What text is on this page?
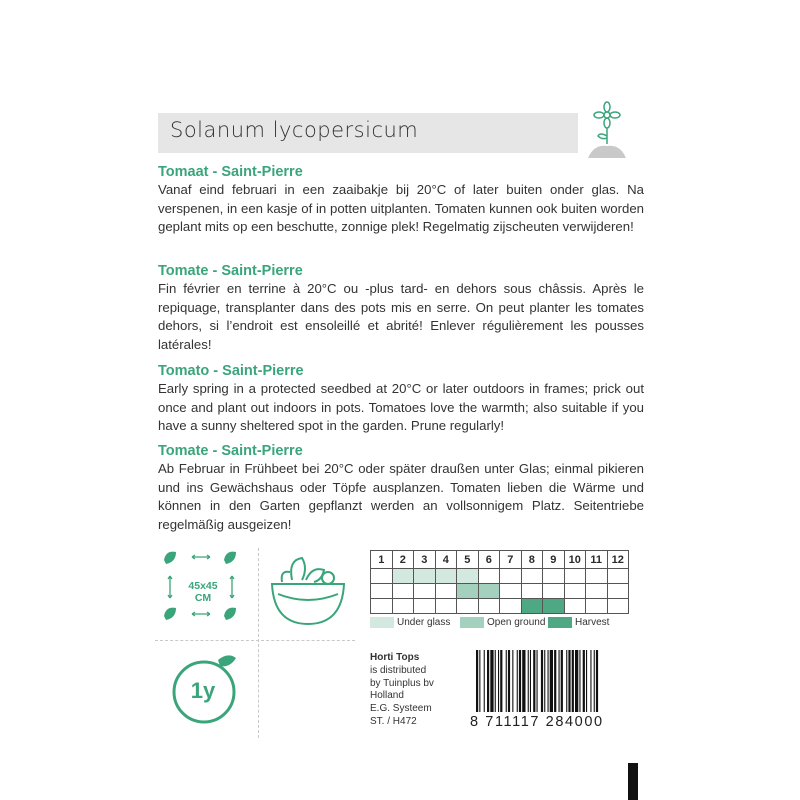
Solanum lycopersicum
Tomaat - Saint-Pierre

Vanaf eind februari in een zaaibakje bij 20°C of later buiten onder glas. Na verspenen, in een kasje of in potten uitplanten. Tomaten kunnen ook buiten worden geplant mits op een beschutte, zonnige plek! Regelmatig zijscheuten verwijderen!

Tomate - Saint-Pierre

Fin février en terrine à 20°C ou -plus tard- en dehors sous châssis. Après le repiquage, transplanter dans des pots mis en serre. On peut planter les tomates dehors, si l’endroit est ensoleillé et abrité! Enlever régulièrement les pousses latérales!

Tomato - Saint-Pierre

Early spring in a protected seedbed at 20°C or later outdoors in frames; prick out once and plant out indoors in pots. Tomatoes love the warmth; also suitable if you have a sunny sheltered spot in the garden. Prune regularly!

Tomate - Saint-Pierre

Ab Februar in Frühbeet bei 20°C oder später draußen unter Glas; einmal pikieren und ins Gewächshaus oder Töpfe ausplanzen. Tomaten lieben die Wärme und können in den Garten gepflanzt werden an vollsonnigem Platz. Seitentriebe regelmäßig ausgeizen!

45x45
CM
1y
1	2	3	4	5	6	7	8	9	10	11	12

Under glass	Open ground	Harvest
Horti Tops
is distributed
by Tuinplus bv
Holland
E.G. Systeem
ST. / H472	8 711117 284000
